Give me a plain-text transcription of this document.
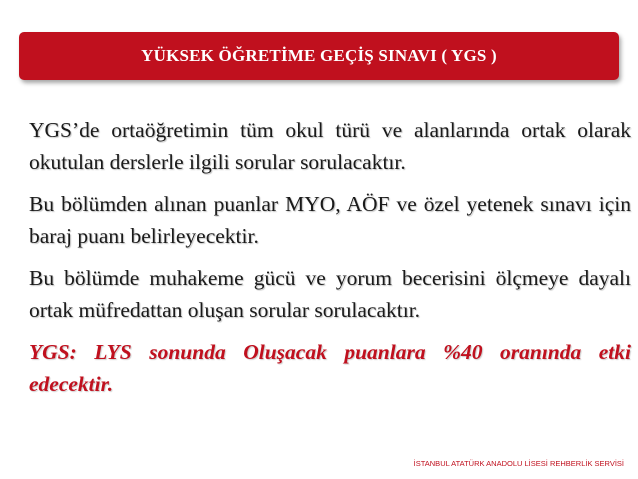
YÜKSEK ÖĞRETİME GEÇİŞ SINAVI ( YGS )

YGS’de ortaöğretimin tüm okul türü ve alanlarında ortak olarak okutulan derslerle ilgili sorular sorulacaktır.

Bu bölümden alınan puanlar MYO, AÖF ve özel yetenek sınavı için baraj puanı belirleyecektir.

Bu bölümde muhakeme gücü ve yorum becerisini ölçmeye dayalı ortak müfredattan oluşan sorular sorulacaktır.

YGS: LYS sonunda Oluşacak puanlara %40 oranında etki edecektir.

İSTANBUL ATATÜRK ANADOLU LİSESİ REHBERLİK SERVİSİ
